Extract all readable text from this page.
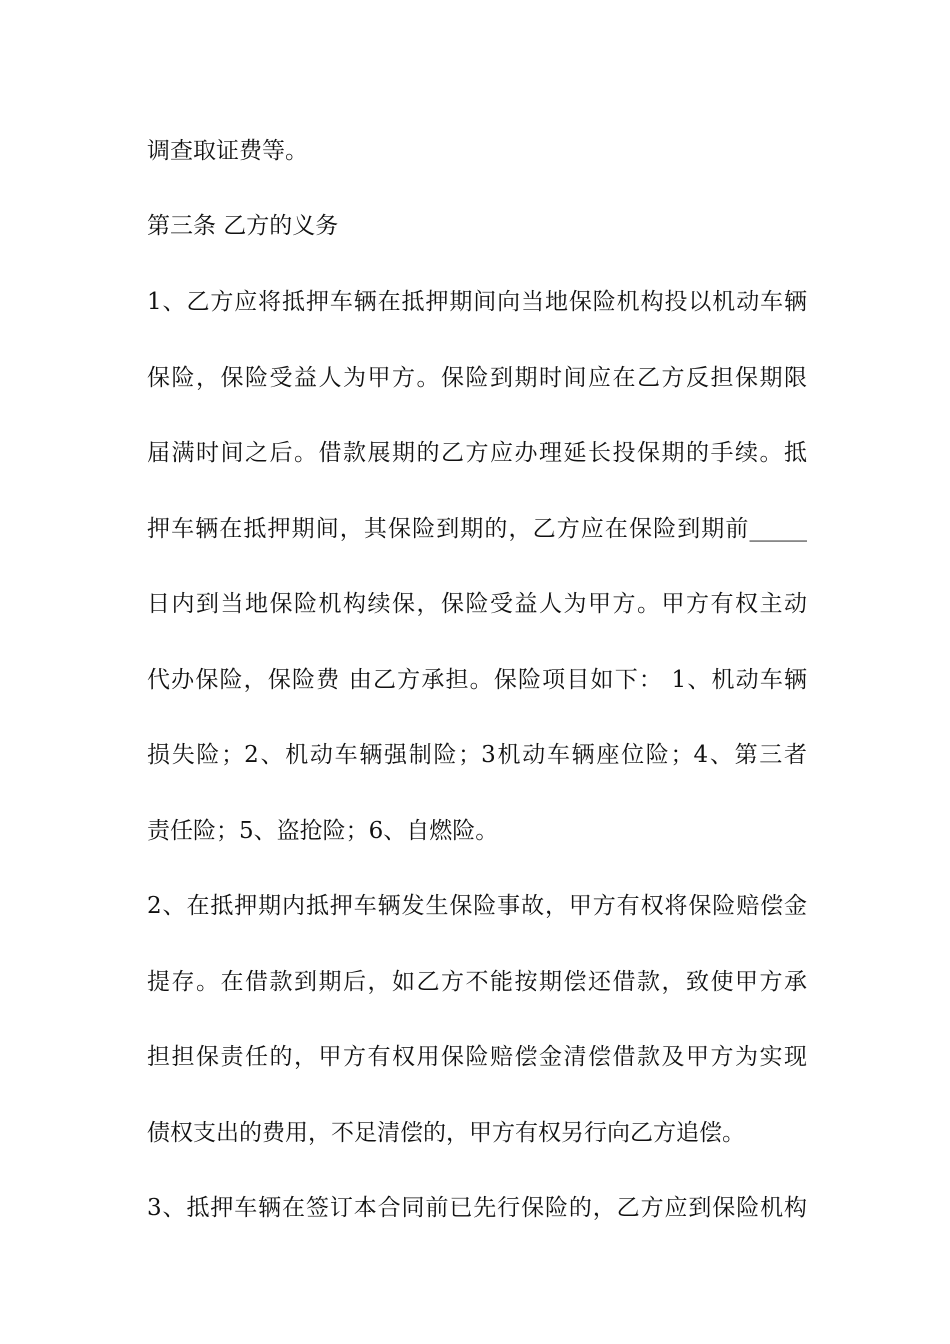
调查取证费等。
第三条 乙方的义务
1、乙方应将抵押车辆在抵押期间向当地保险机构投以机动车辆
保险，保险受益人为甲方。保险到期时间应在乙方反担保期限
届满时间之后。借款展期的乙方应办理延长投保期的手续。抵
押车辆在抵押期间，其保险到期的，乙方应在保险到期前_____
日内到当地保险机构续保，保险受益人为甲方。甲方有权主动
代办保险，保险费 由乙方承担。保险项目如下： 1、机动车辆
损失险；2、机动车辆强制险；3机动车辆座位险；4、第三者
责任险；5、盗抢险；6、自燃险。
2、在抵押期内抵押车辆发生保险事故，甲方有权将保险赔偿金
提存。在借款到期后，如乙方不能按期偿还借款，致使甲方承
担担保责任的，甲方有权用保险赔偿金清偿借款及甲方为实现
债权支出的费用，不足清偿的，甲方有权另行向乙方追偿。
3、抵押车辆在签订本合同前已先行保险的，乙方应到保险机构
